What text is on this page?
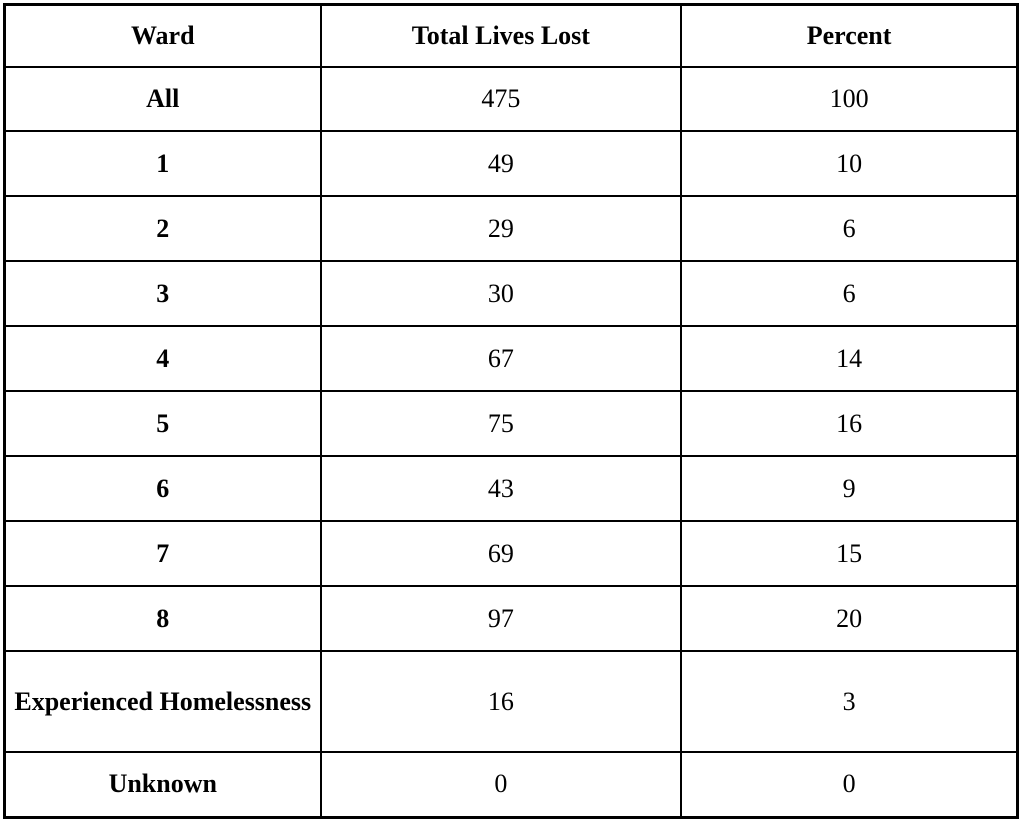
Ward	Total Lives Lost	Percent
All	475	100
1	49	10
2	29	6
3	30	6
4	67	14
5	75	16
6	43	9
7	69	15
8	97	20
Experienced Homelessness	16	3
Unknown	0	0
